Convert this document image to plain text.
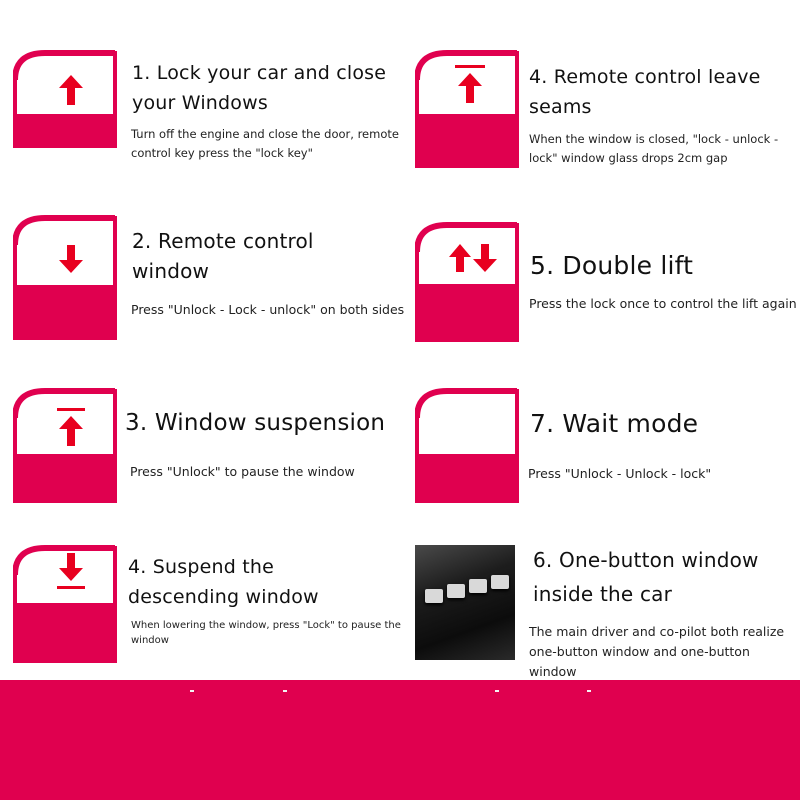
1. Lock your car and close your Windows
Turn off the engine and close the door, remote control key press the "lock key"
2. Remote control window
Press "Unlock - Lock - unlock" on both sides
3. Window suspension
Press "Unlock" to pause the window
4. Suspend the descending window
When lowering the window, press "Lock" to pause the window
4. Remote control leave seams
When the window is closed, "lock - unlock - lock" window glass drops 2cm gap
5. Double lift
Press the lock once to control the lift again
7. Wait mode
Press "Unlock - Unlock - lock"
6. One-button window inside the car
The main driver and co-pilot both realize one-button window and one-button window
